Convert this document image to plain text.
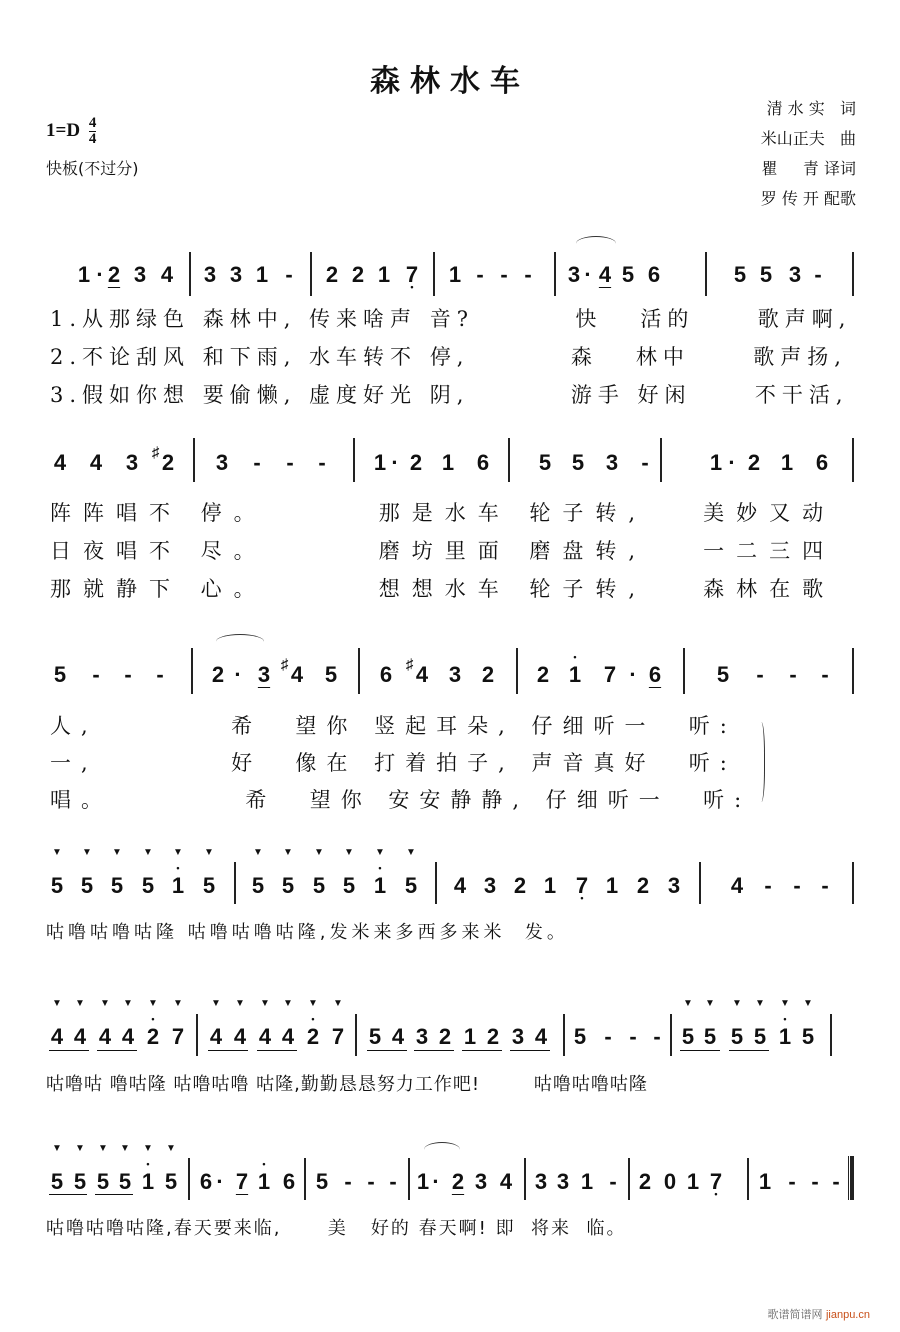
森林水车
$1=D \frac{4}{4}$
快板(不过分)
清 水 实   词
米山正夫   曲
瞿     青 译词
罗 传 开 配歌
1 · 2 3 4 3 3 1 - 2 2 1 7 • 1 - - - 3 · 4 5 6	5 5 3 -
1.从那绿色 森林中, 传来啥声 音?        快   活的     歌声啊,
2.不论刮风 和下雨, 水车转不 停,        森   林中     歌声扬,
3.假如你想 要偷懒, 虚度好光 阴,        游手 好闲     不干活,
4 4 3 ♯ 2 3 - - - 1 · 2 1 6 5 5 3 -	1 · 2 1 6
阵阵唱不 停。      那是水车 轮子转,   美妙又动
日夜唱不 尽。      磨坊里面 磨盘转,   一二三四
那就静下 心。      想想水车 轮子转,   森林在歌
5 - - - 2 · 3 ♯ 4 5 6 ♯ 4 3 2 2 • 1 7 · 6	5 - - -
人,        希  望你 竖起耳朵, 仔细听一  听:
一,        好  像在 打着拍子, 声音真好  听:
唱。        希  望你 安安静静, 仔细听一  听:
▼ 5 ▼ 5 ▼ 5 ▼ 5 ▼ 1 • ▼ 5 ▼ 5 ▼ 5 ▼ 5 ▼ 5 ▼ 1 • ▼ 5 4 3 2 1 7 • 1 2 3 4 - - -
咕噜咕噜咕隆 咕噜咕噜咕隆,发米来多西多来米  发。
▼ 4 ▼ 4 ▼ 4 ▼ 4 ▼ 2 • ▼ 7 ▼ 4 ▼ 4 ▼ 4 ▼ 4 ▼ 2 • ▼ 7 5 4 3 2 1 2 3 4 5 - - - ▼ 5 ▼ 5 ▼ 5 ▼ 5 ▼ 1 • ▼ 5
咕噜咕 噜咕隆 咕噜咕噜 咕隆,勤勤恳恳努力工作吧!        咕噜咕噜咕隆
▼ 5 ▼ 5 ▼ 5 ▼ 5 ▼ 1 • ▼ 5 6 · 7 • 1 6 5 - - - 1 · 2 3 4 3 3 1 - 2 0 1 7 • 1 - - -
咕噜咕噜咕隆,春天要来临,      美   好的 春天啊! 即  将来  临。
歌谱简谱网 jianpu.cn
